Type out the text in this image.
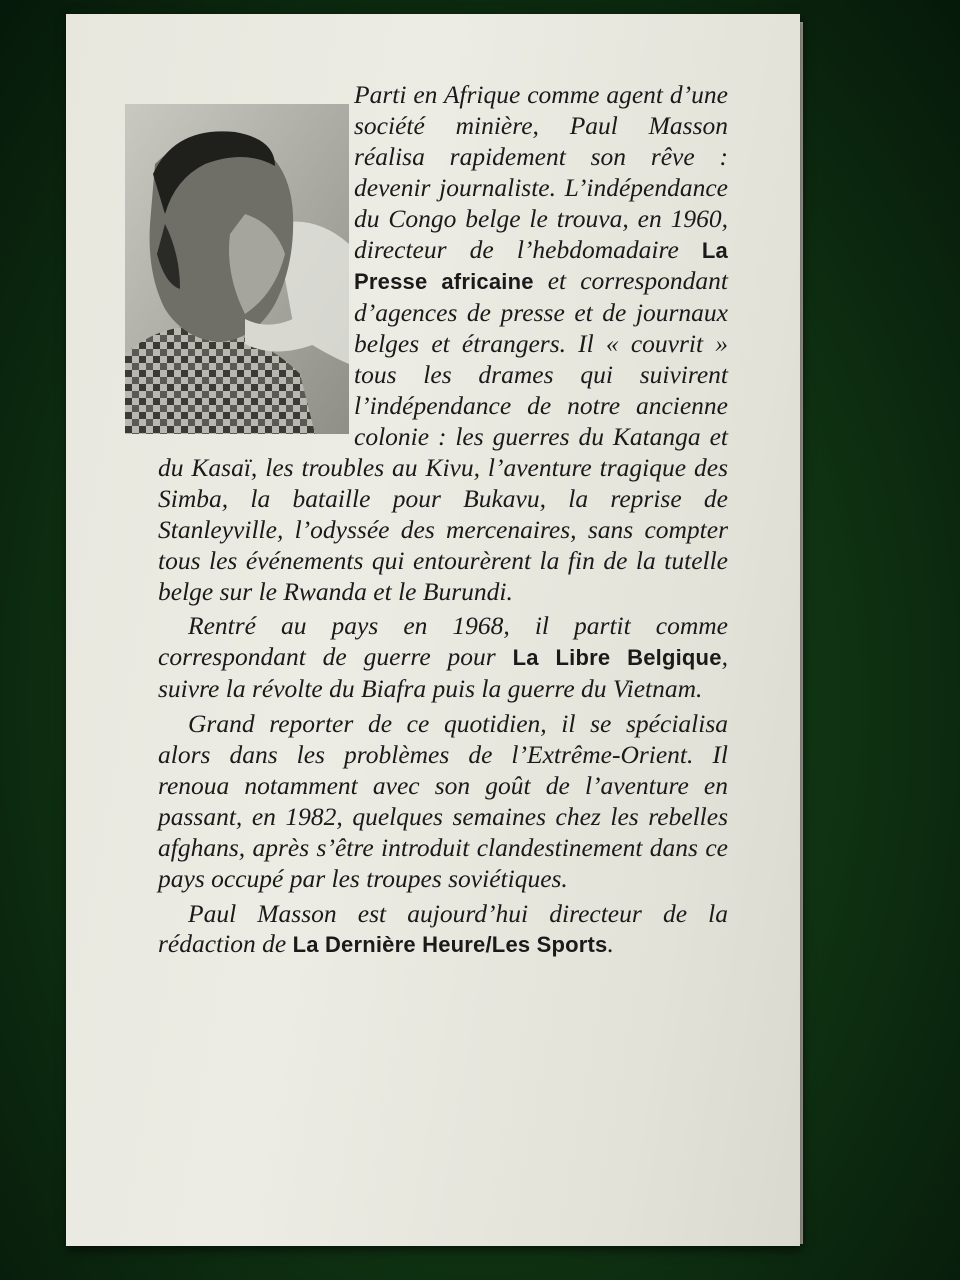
Parti en Afrique comme agent d’une société minière, Paul Masson réalisa rapidement son rêve : devenir journaliste. L’indépendance du Congo belge le trouva, en 1960, directeur de l’hebdomadaire La Presse africaine et correspondant d’agences de presse et de journaux belges et étrangers. Il « couvrit » tous les drames qui suivirent l’indépendance de notre ancienne colonie : les guerres du Katanga et du Kasaï, les troubles au Kivu, l’aventure tragique des Simba, la bataille pour Bukavu, la reprise de Stanleyville, l’odyssée des mercenaires, sans compter tous les événements qui entourèrent la fin de la tutelle belge sur le Rwanda et le Burundi.

Rentré au pays en 1968, il partit comme correspondant de guerre pour La Libre Belgique, suivre la révolte du Biafra puis la guerre du Vietnam.

Grand reporter de ce quotidien, il se spécialisa alors dans les problèmes de l’Extrême-Orient. Il renoua notamment avec son goût de l’aventure en passant, en 1982, quelques semaines chez les rebelles afghans, après s’être introduit clandestinement dans ce pays occupé par les troupes soviétiques.

Paul Masson est aujourd’hui directeur de la rédaction de La Dernière Heure/Les Sports.
